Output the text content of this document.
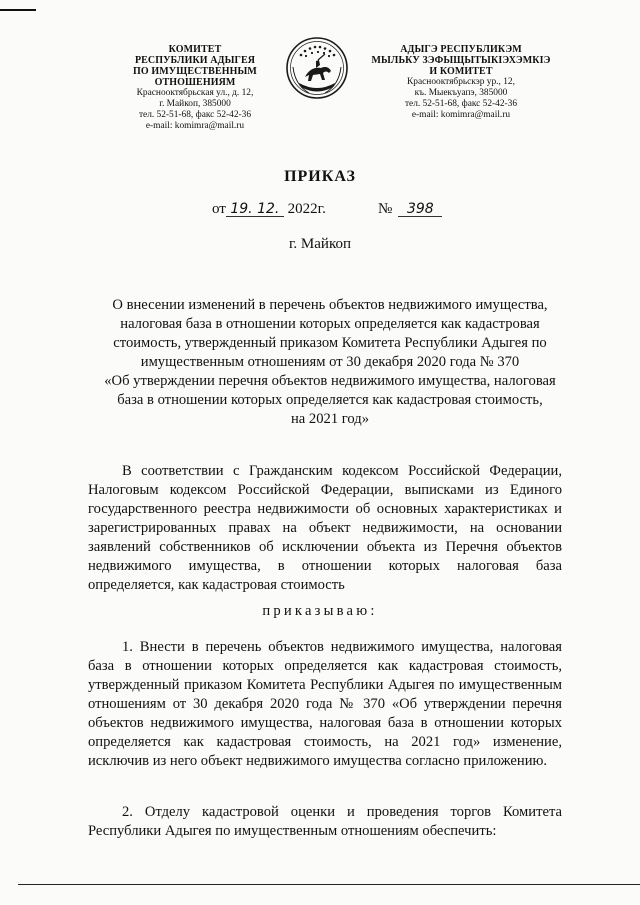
КОМИТЕТ
РЕСПУБЛИКИ АДЫГЕЯ
ПО ИМУЩЕСТВЕННЫМ ОТНОШЕНИЯМ
Краснооктябрьская ул., д. 12,
г. Майкоп, 385000
тел. 52-51-68, факс 52-42-36
e-mail: komimra@mail.ru
АДЫГЭ РЕСПУБЛИКЭМ
МЫЛЬКУ ЗЭФЫЩЫТЫКІЭХЭМКІЭ
И КОМИТЕТ
Краснооктябрьскэр ур., 12,
къ. Мыекъуапэ, 385000
тел. 52-51-68, факс 52-42-36
e-mail: komimra@mail.ru
ПРИКАЗ
от 19. 12. 2022г.	№ 398
г. Майкоп
О внесении изменений в перечень объектов недвижимого имущества,
налоговая база в отношении которых определяется как кадастровая
стоимость, утвержденный приказом Комитета Республики Адыгея по
имущественным отношениям от 30 декабря 2020 года № 370
«Об утверждении перечня объектов недвижимого имущества, налоговая
база в отношении которых определяется как кадастровая стоимость,
на 2021 год»
В соответствии с Гражданским кодексом Российской Федерации, Налоговым кодексом Российской Федерации, выписками из Единого государственного реестра недвижимости об основных характеристиках и зарегистрированных правах на объект недвижимости, на основании заявлений собственников об исключении объекта из Перечня объектов недвижимого имущества, в отношении которых налоговая база определяется, как кадастровая стоимость
приказываю:
1. Внести в перечень объектов недвижимого имущества, налоговая база в отношении которых определяется как кадастровая стоимость, утвержденный приказом Комитета Республики Адыгея по имущественным отношениям от 30 декабря 2020 года № 370 «Об утверждении перечня объектов недвижимого имущества, налоговая база в отношении которых определяется как кадастровая стоимость, на 2021 год» изменение, исключив из него объект недвижимого имущества согласно приложению.
2. Отделу кадастровой оценки и проведения торгов Комитета Республики Адыгея по имущественным отношениям обеспечить:
